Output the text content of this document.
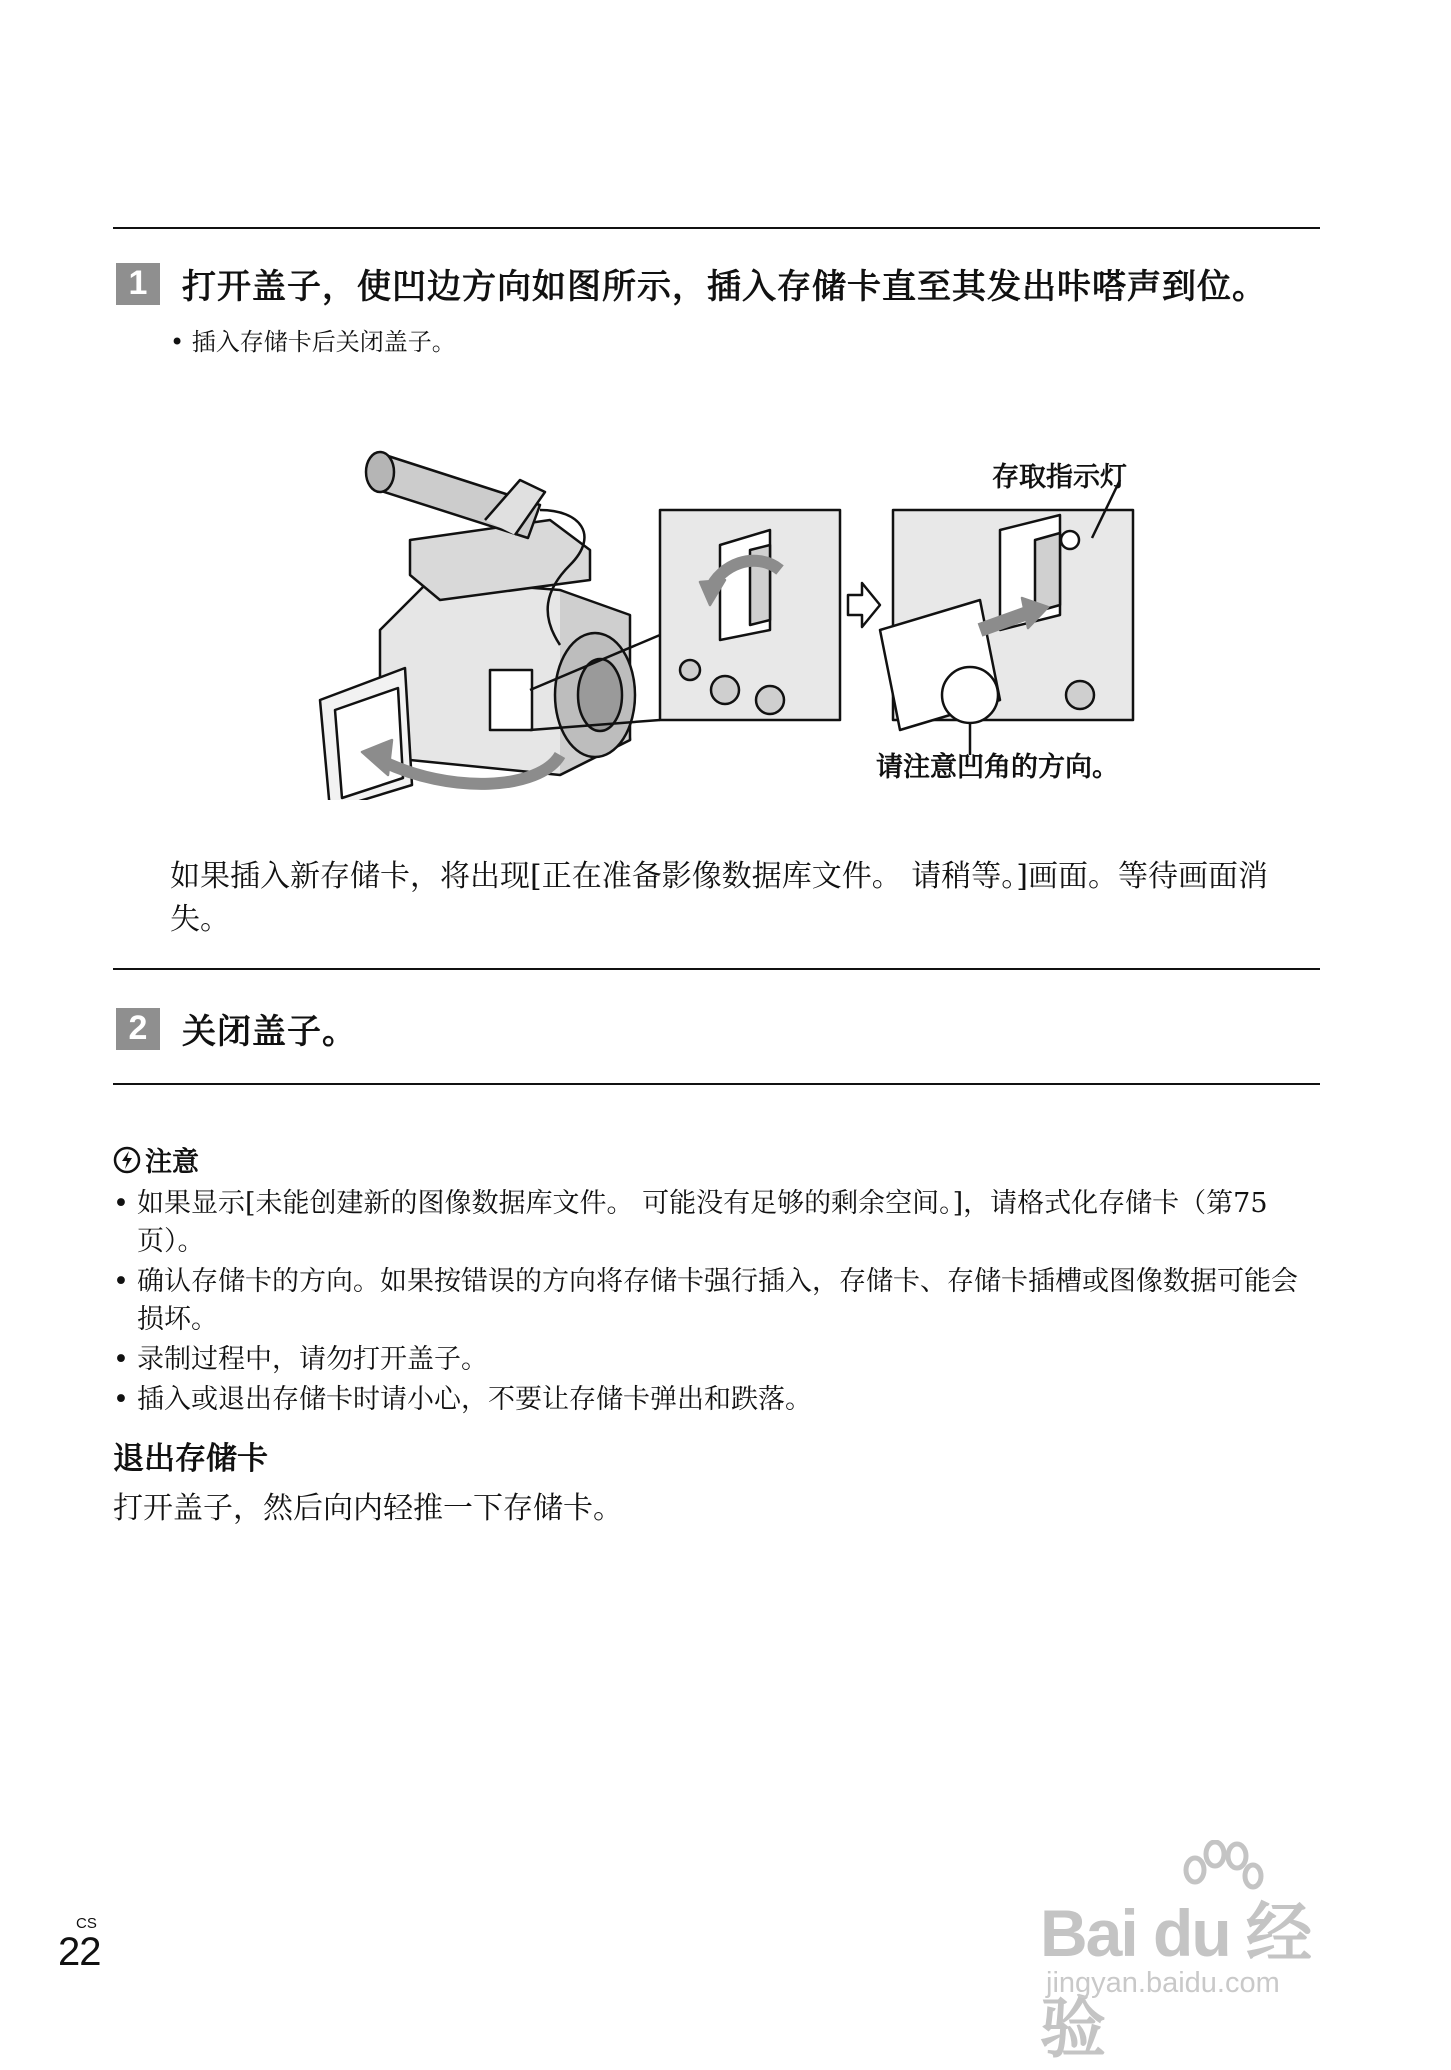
1	打开盖子，使凹边方向如图所示，插入存储卡直至其发出咔嗒声到位。
• 插入存储卡后关闭盖子。
存取指示灯
请注意凹角的方向。
如果插入新存储卡，将出现[正在准备影像数据库文件。 请稍等。]画面。等待画面消失。
2	关闭盖子。
注意
• 如果显示[未能创建新的图像数据库文件。 可能没有足够的剩余空间。]，请格式化存储卡（第75页）。
• 确认存储卡的方向。如果按错误的方向将存储卡强行插入，存储卡、存储卡插槽或图像数据可能会损坏。
• 录制过程中，请勿打开盖子。
• 插入或退出存储卡时请小心，不要让存储卡弹出和跌落。
退出存储卡
打开盖子，然后向内轻推一下存储卡。
CS
22	Bai du 经验
jingyan.baidu.com
